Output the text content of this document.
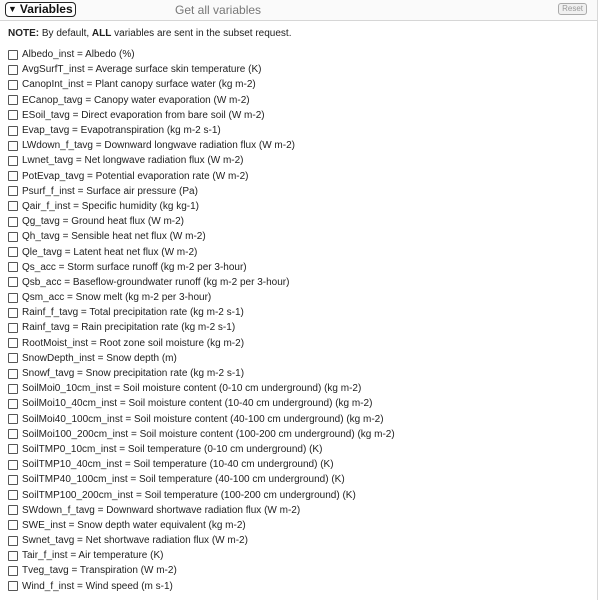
▼ Variables	Get all variables	Reset
NOTE: By default, ALL variables are sent in the subset request.
Albedo_inst = Albedo (%)
AvgSurfT_inst = Average surface skin temperature (K)
CanopInt_inst = Plant canopy surface water (kg m-2)
ECanop_tavg = Canopy water evaporation (W m-2)
ESoil_tavg = Direct evaporation from bare soil (W m-2)
Evap_tavg = Evapotranspiration (kg m-2 s-1)
LWdown_f_tavg = Downward longwave radiation flux (W m-2)
Lwnet_tavg = Net longwave radiation flux (W m-2)
PotEvap_tavg = Potential evaporation rate (W m-2)
Psurf_f_inst = Surface air pressure (Pa)
Qair_f_inst = Specific humidity (kg kg-1)
Qg_tavg = Ground heat flux (W m-2)
Qh_tavg = Sensible heat net flux (W m-2)
Qle_tavg = Latent heat net flux (W m-2)
Qs_acc = Storm surface runoff (kg m-2 per 3-hour)
Qsb_acc = Baseflow-groundwater runoff (kg m-2 per 3-hour)
Qsm_acc = Snow melt (kg m-2 per 3-hour)
Rainf_f_tavg = Total precipitation rate (kg m-2 s-1)
Rainf_tavg = Rain precipitation rate (kg m-2 s-1)
RootMoist_inst = Root zone soil moisture (kg m-2)
SnowDepth_inst = Snow depth (m)
Snowf_tavg = Snow precipitation rate (kg m-2 s-1)
SoilMoi0_10cm_inst = Soil moisture content (0-10 cm underground) (kg m-2)
SoilMoi10_40cm_inst = Soil moisture content (10-40 cm underground) (kg m-2)
SoilMoi40_100cm_inst = Soil moisture content (40-100 cm underground) (kg m-2)
SoilMoi100_200cm_inst = Soil moisture content (100-200 cm underground) (kg m-2)
SoilTMP0_10cm_inst = Soil temperature (0-10 cm underground) (K)
SoilTMP10_40cm_inst = Soil temperature (10-40 cm underground) (K)
SoilTMP40_100cm_inst = Soil temperature (40-100 cm underground) (K)
SoilTMP100_200cm_inst = Soil temperature (100-200 cm underground) (K)
SWdown_f_tavg = Downward shortwave radiation flux (W m-2)
SWE_inst = Snow depth water equivalent (kg m-2)
Swnet_tavg = Net shortwave radiation flux (W m-2)
Tair_f_inst = Air temperature (K)
Tveg_tavg = Transpiration (W m-2)
Wind_f_inst = Wind speed (m s-1)
